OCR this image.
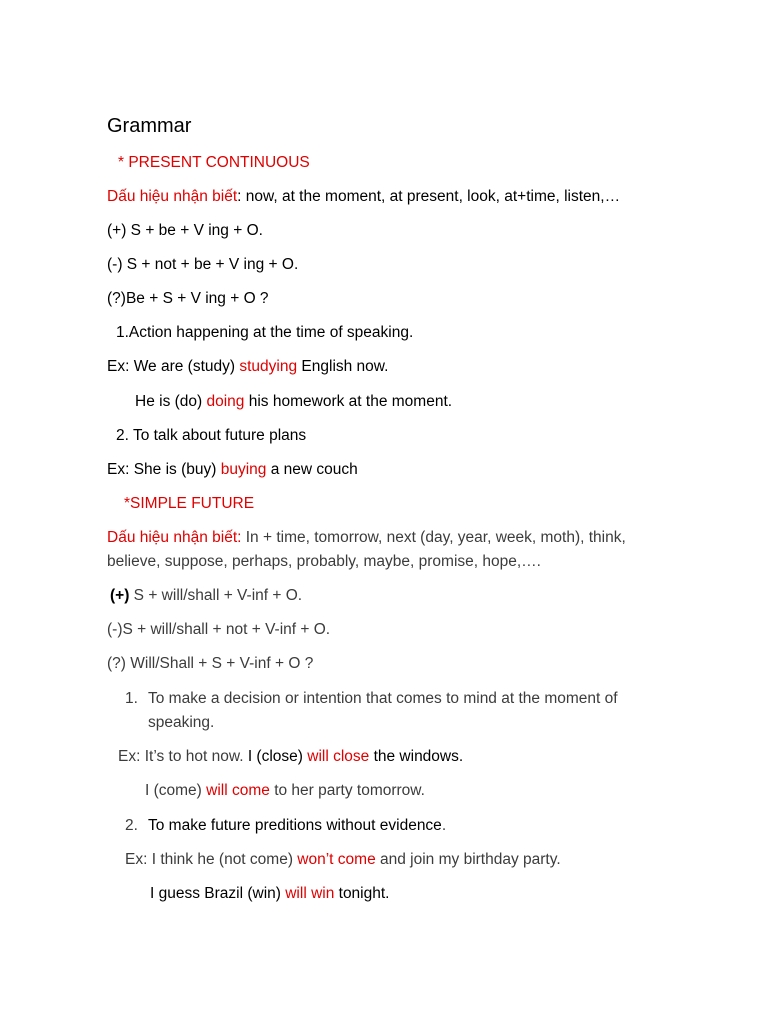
Grammar
* PRESENT CONTINUOUS
Dấu hiệu nhận biết: now, at the moment, at present, look, at+time, listen,…
(+) S + be + V ing + O.
(-) S + not + be + V ing + O.
(?)Be + S + V ing + O ?
1.Action happening at the time of speaking.
Ex: We are (study) studying English now.
He is (do) doing his homework at the moment.
2. To talk about future plans
Ex: She is (buy) buying a new couch
*SIMPLE FUTURE
Dấu hiệu nhận biết: In + time, tomorrow, next (day, year, week, moth), think,
believe, suppose, perhaps, probably, maybe, promise, hope,….
(+) S + will/shall + V-inf + O.
(-)S + will/shall + not + V-inf + O.
(?) Will/Shall + S + V-inf + O ?
1. To make a decision or intention that comes to mind at the moment of
speaking.
Ex: It’s to hot now. I (close) will close the windows.
I (come) will come to her party tomorrow.
2. To make future preditions without evidence.
Ex: I think he (not come) won’t come and join my birthday party.
I guess Brazil (win) will win tonight.
